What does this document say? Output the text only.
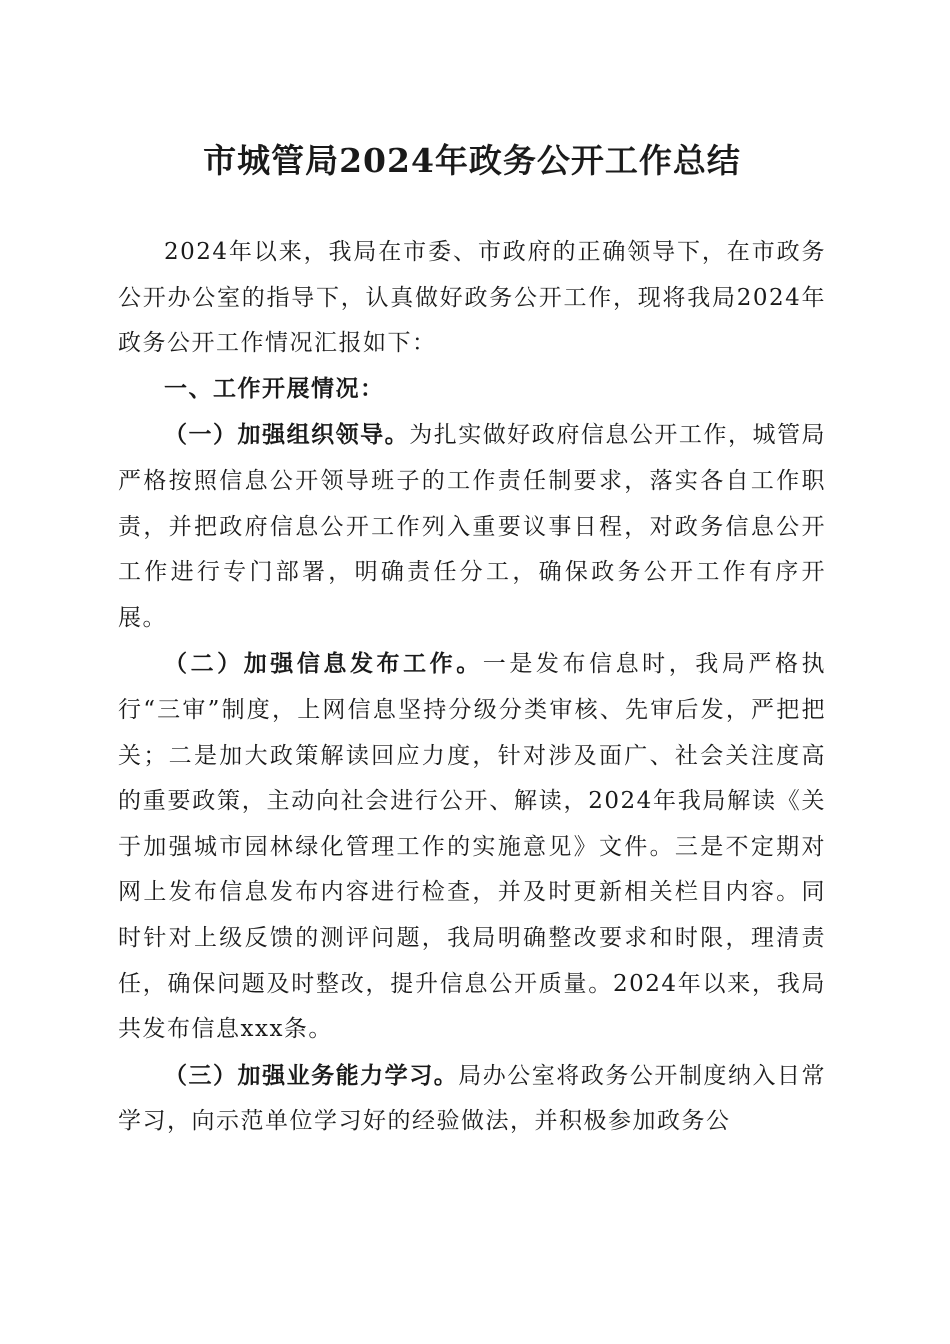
市城管局2024年政务公开工作总结

2024年以来，我局在市委、市政府的正确领导下，在市政务公开办公室的指导下，认真做好政务公开工作，现将我局2024年政务公开工作情况汇报如下：

一、工作开展情况：

（一）加强组织领导。为扎实做好政府信息公开工作，城管局严格按照信息公开领导班子的工作责任制要求，落实各自工作职责，并把政府信息公开工作列入重要议事日程，对政务信息公开工作进行专门部署，明确责任分工，确保政务公开工作有序开展。

（二）加强信息发布工作。一是发布信息时，我局严格执行“三审”制度，上网信息坚持分级分类审核、先审后发，严把把关；二是加大政策解读回应力度，针对涉及面广、社会关注度高的重要政策，主动向社会进行公开、解读，2024年我局解读《关于加强城市园林绿化管理工作的实施意见》文件。三是不定期对网上发布信息发布内容进行检查，并及时更新相关栏目内容。同时针对上级反馈的测评问题，我局明确整改要求和时限，理清责任，确保问题及时整改，提升信息公开质量。2024年以来，我局共发布信息xxx条。

（三）加强业务能力学习。局办公室将政务公开制度纳入日常学习，向示范单位学习好的经验做法，并积极参加政务公
